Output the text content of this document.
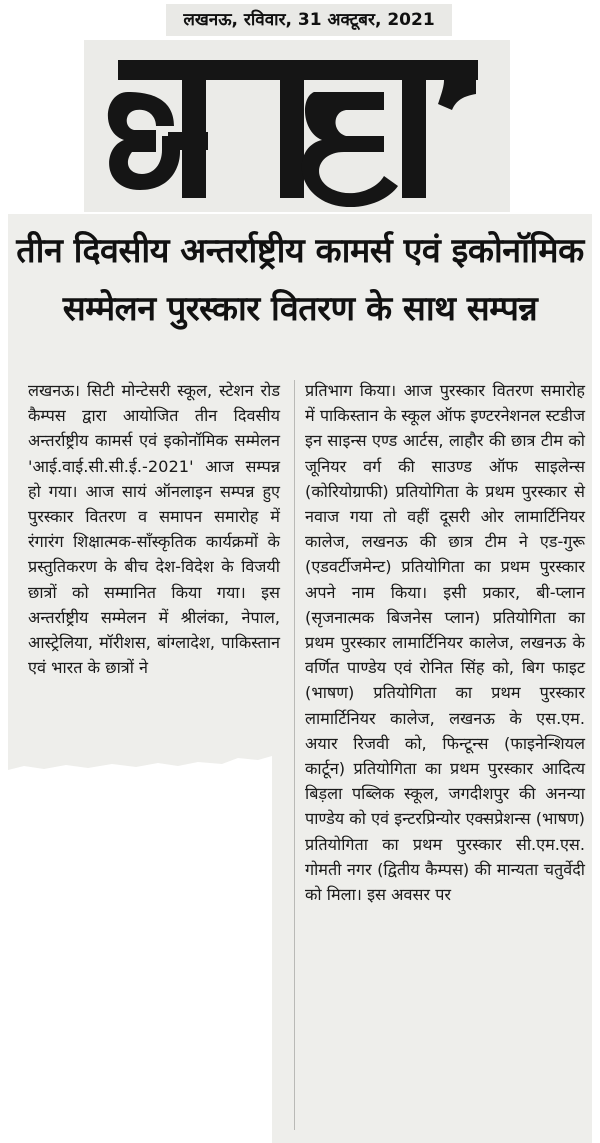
लखनऊ, रविवार, 31 अक्टूबर, 2021
आज
तीन दिवसीय अन्तर्राष्ट्रीय कामर्स एवं इकोनॉमिक
सम्मेलन पुरस्कार वितरण के साथ सम्पन्न

लखनऊ। सिटी मोन्टेसरी स्कूल, स्टेशन रोड कैम्पस द्वारा आयोजित तीन दिवसीय अन्तर्राष्ट्रीय कामर्स एवं इकोनॉमिक सम्मेलन 'आई.वाई.सी.सी.ई.-2021' आज सम्पन्न हो गया। आज सायं ऑनलाइन सम्पन्न हुए पुरस्कार वितरण व समापन समारोह में रंगारंग शिक्षात्मक-साँस्कृतिक कार्यक्रमों के प्रस्तुतिकरण के बीच देश-विदेश के विजयी छात्रों को सम्मानित किया गया। इस अन्तर्राष्ट्रीय सम्मेलन में श्रीलंका, नेपाल, आस्ट्रेलिया, मॉरीशस, बांग्लादेश, पाकिस्तान एवं भारत के छात्रों ने

प्रतिभाग किया। आज पुरस्कार वितरण समारोह में पाकिस्तान के स्कूल ऑफ इण्टरनेशनल स्टडीज इन साइन्स एण्ड आर्टस, लाहौर की छात्र टीम को जूनियर वर्ग की साउण्ड ऑफ साइलेन्स (कोरियोग्राफी) प्रतियोगिता के प्रथम पुरस्कार से नवाज गया तो वहीं दूसरी ओर लामार्टिनियर कालेज, लखनऊ की छात्र टीम ने एड-गुरू (एडवर्टीजमेन्ट) प्रतियोगिता का प्रथम पुरस्कार अपने नाम किया। इसी प्रकार, बी-प्लान (सृजनात्मक बिजनेस प्लान) प्रतियोगिता का प्रथम पुरस्कार लामार्टिनियर कालेज, लखनऊ के वर्णित पाण्डेय एवं रोनित सिंह को, बिग फाइट (भाषण) प्रतियोगिता का प्रथम पुरस्कार लामार्टिनियर कालेज, लखनऊ के एस.एम. अयार रिजवी को, फिन्टून्स (फाइनेन्शियल कार्टून) प्रतियोगिता का प्रथम पुरस्कार आदित्य बिड़ला पब्लिक स्कूल, जगदीशपुर की अनन्या पाण्डेय को एवं इन्टरप्रिन्योर एक्सप्रेशन्स (भाषण) प्रतियोगिता का प्रथम पुरस्कार सी.एम.एस. गोमती नगर (द्वितीय कैम्पस) की मान्यता चतुर्वेदी को मिला। इस अवसर पर
